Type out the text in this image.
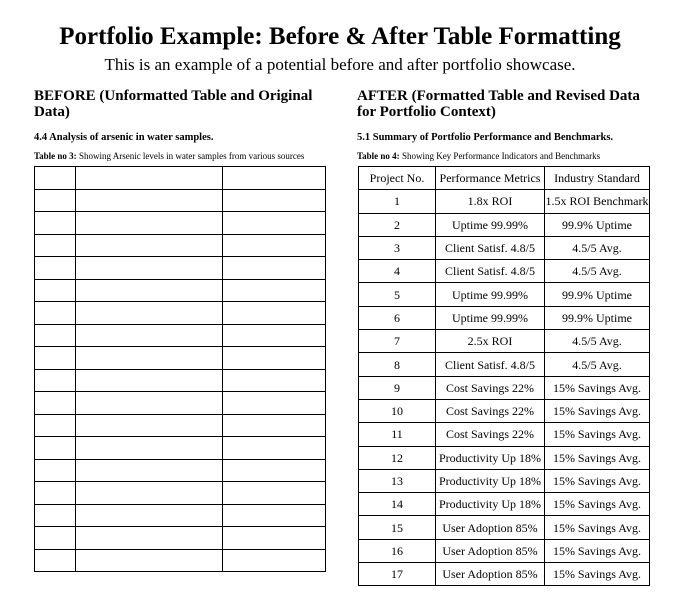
Portfolio Example: Before & After Table Formatting
This is an example of a potential before and after portfolio showcase.

BEFORE (Unformatted Table and Original Data)

4.4 Analysis of arsenic in water samples.
Table no 3: Showing Arsenic levels in water samples from various sources

AFTER (Formatted Table and Revised Data for Portfolio Context)

5.1 Summary of Portfolio Performance and Benchmarks.
Table no 4: Showing Key Performance Indicators and Benchmarks
Project No.	Performance Metrics	Industry Standard
1	1.8x ROI	1.5x ROI Benchmark
2	Uptime 99.99%	99.9% Uptime
3	Client Satisf. 4.8/5	4.5/5 Avg.
4	Client Satisf. 4.8/5	4.5/5 Avg.
5	Uptime 99.99%	99.9% Uptime
6	Uptime 99.99%	99.9% Uptime
7	2.5x ROI	4.5/5 Avg.
8	Client Satisf. 4.8/5	4.5/5 Avg.
9	Cost Savings 22%	15% Savings Avg.
10	Cost Savings 22%	15% Savings Avg.
11	Cost Savings 22%	15% Savings Avg.
12	Productivity Up 18%	15% Savings Avg.
13	Productivity Up 18%	15% Savings Avg.
14	Productivity Up 18%	15% Savings Avg.
15	User Adoption 85%	15% Savings Avg.
16	User Adoption 85%	15% Savings Avg.
17	User Adoption 85%	15% Savings Avg.
